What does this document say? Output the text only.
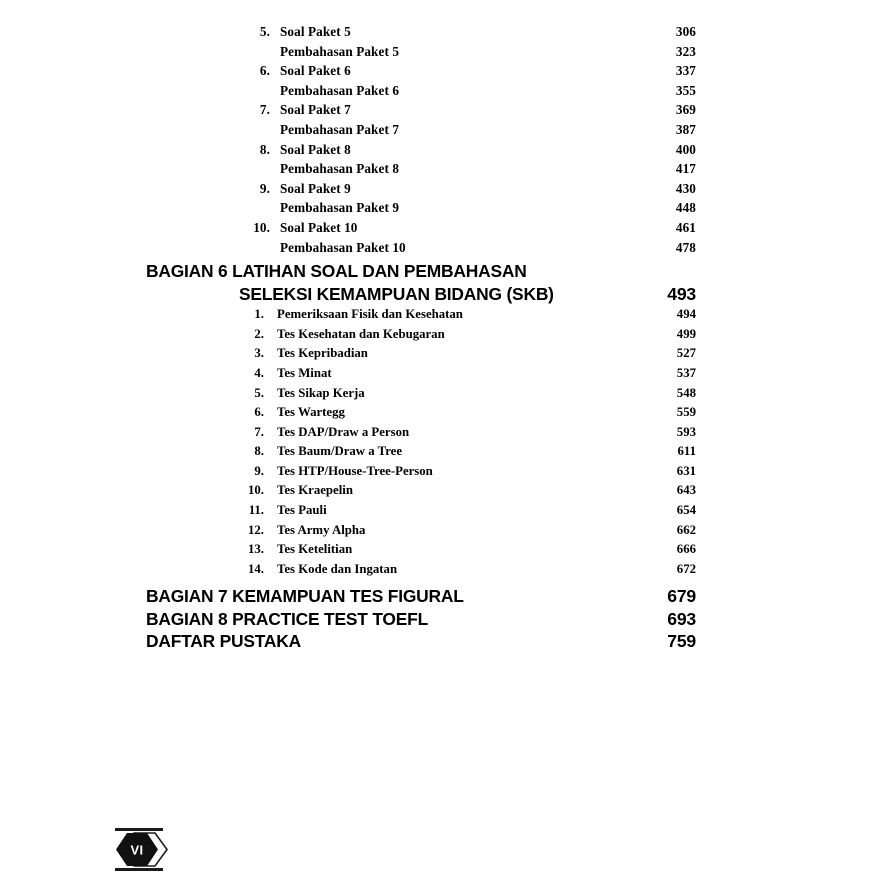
5. Soal Paket 5	306
Pembahasan Paket 5	323
6. Soal Paket 6	337
Pembahasan Paket 6	355
7. Soal Paket 7	369
Pembahasan Paket 7	387
8. Soal Paket 8	400
Pembahasan Paket 8	417
9. Soal Paket 9	430
Pembahasan Paket 9	448
10. Soal Paket 10	461
Pembahasan Paket 10	478
BAGIAN 6 LATIHAN SOAL DAN PEMBAHASAN
SELEKSI KEMAMPUAN BIDANG (SKB)	493
1. Pemeriksaan Fisik dan Kesehatan	494
2. Tes Kesehatan dan Kebugaran	499
3. Tes Kepribadian	527
4. Tes Minat	537
5. Tes Sikap Kerja	548
6. Tes Wartegg	559
7. Tes DAP/Draw a Person	593
8. Tes Baum/Draw a Tree	611
9. Tes HTP/House-Tree-Person	631
10. Tes Kraepelin	643
11. Tes Pauli	654
12. Tes Army Alpha	662
13. Tes Ketelitian	666
14. Tes Kode dan Ingatan	672
BAGIAN 7 KEMAMPUAN TES FIGURAL	679
BAGIAN 8 PRACTICE TEST TOEFL	693
DAFTAR PUSTAKA	759
VI
